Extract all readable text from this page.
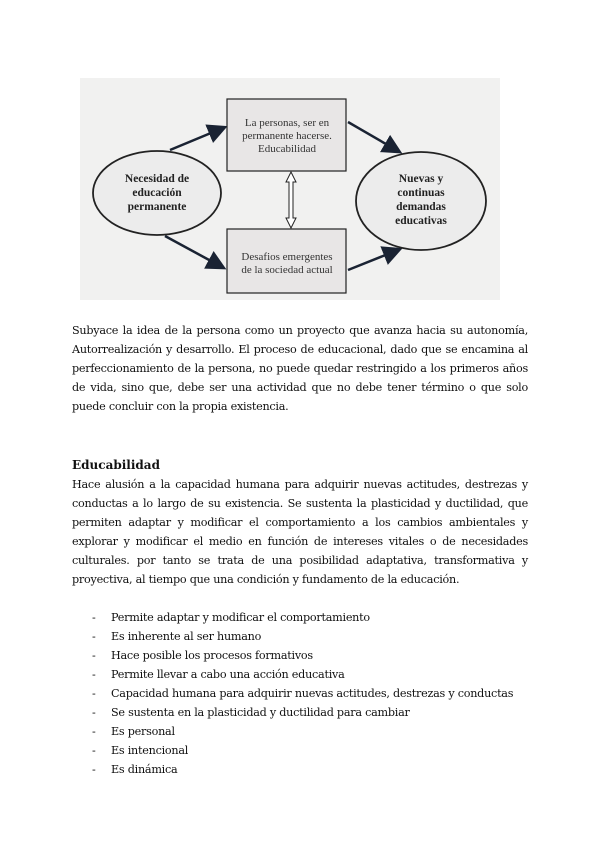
Necesidad de
educación
permanente
Nuevas y
continuas
demandas
educativas
La personas, ser en
permanente hacerse.
Educabilidad
Desafios emergentes
de la sociedad actual
Subyace la idea de la persona como un proyecto que avanza hacia su autonomía, Autorrealización y desarrollo. El proceso de educacional, dado que se encamina al perfeccionamiento de la persona, no puede quedar restringido a los primeros años de vida, sino que, debe ser una actividad que no debe tener término o que solo puede concluir con la propia existencia.
Educabilidad
Hace alusión a la capacidad humana para adquirir nuevas actitudes, destrezas y conductas a lo largo de su existencia. Se sustenta la plasticidad y ductilidad, que permiten adaptar y modificar el comportamiento a los cambios ambientales y explorar y modificar el medio en función de intereses vitales o de necesidades culturales. por tanto se trata de una posibilidad adaptativa, transformativa y proyectiva, al tiempo que una condición y fundamento de la educación.
-	Permite adaptar y modificar el comportamiento
-	Es inherente al ser humano
-	Hace posible los procesos formativos
-	Permite llevar a cabo una acción educativa
-	Capacidad humana para adquirir nuevas actitudes, destrezas y conductas
-	Se sustenta en la plasticidad y ductilidad para cambiar
-	Es personal
-	Es intencional
-	Es dinámica
